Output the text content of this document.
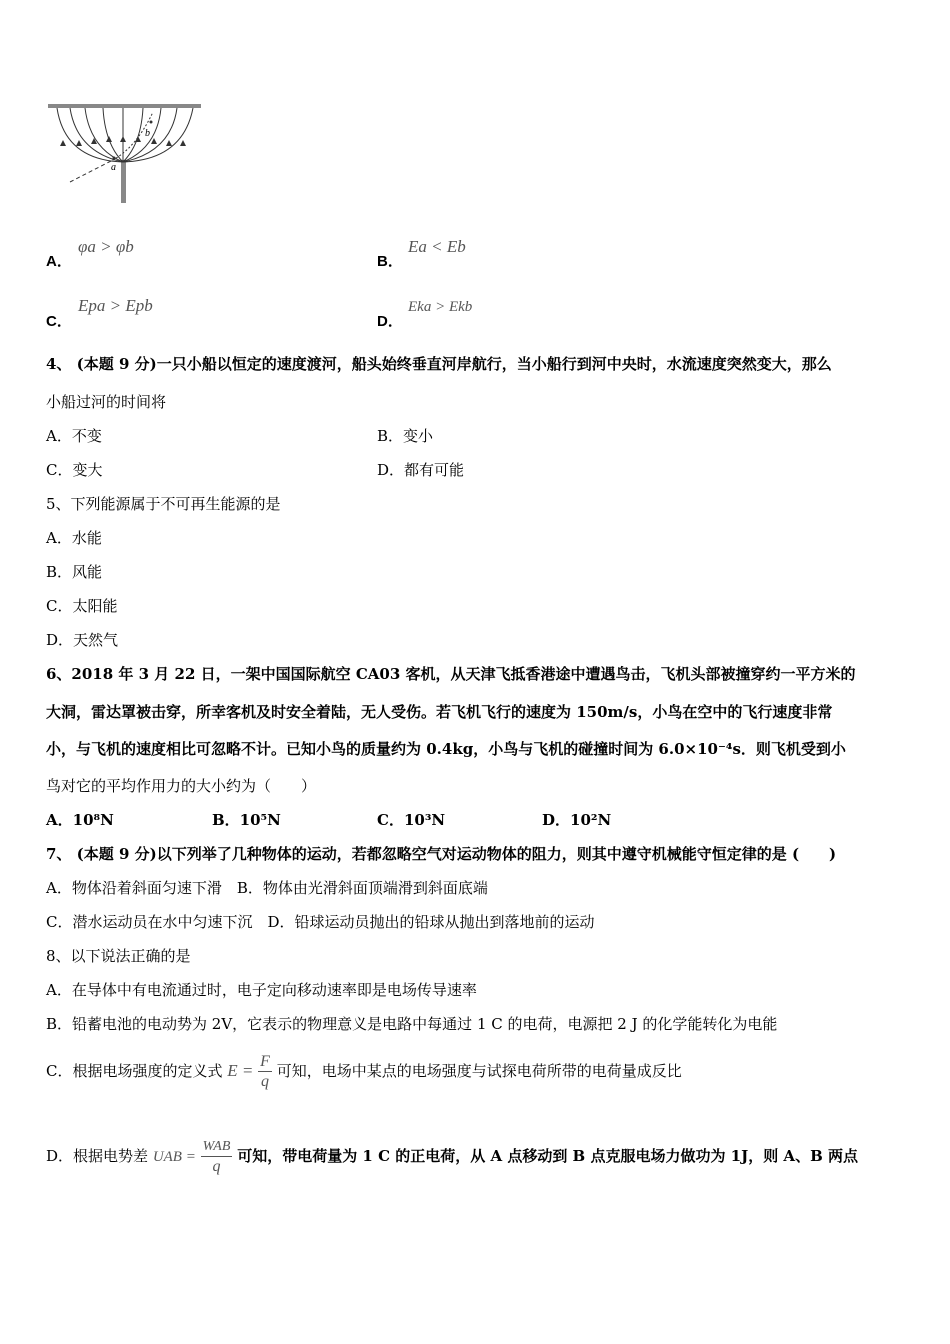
b
a
A．
φa > φb
B．
Ea < Eb
C．
Epa > Epb
D．
Eka > Ekb
4、 (本题 9 分)一只小船以恒定的速度渡河，船头始终垂直河岸航行，当小船行到河中央时，水流速度突然变大，那么
小船过河的时间将
A．不变	B．变小
C．变大	D．都有可能
5、下列能源属于不可再生能源的是
A．水能
B．风能
C．太阳能
D．天然气
6、2018 年 3 月 22 日，一架中国国际航空 CA03 客机，从天津飞抵香港途中遭遇鸟击，飞机头部被撞穿约一平方米的
大洞，雷达罩被击穿，所幸客机及时安全着陆，无人受伤。若飞机飞行的速度为 150m/s，小鸟在空中的飞行速度非常
小，与飞机的速度相比可忽略不计。已知小鸟的质量约为 0.4kg，小鸟与飞机的碰撞时间为 6.0×10⁻⁴s．则飞机受到小
鸟对它的平均作用力的大小约为（　　）
A．10⁸N	B．10⁵N	C．10³N	D．10²N
7、 (本题 9 分)以下列举了几种物体的运动，若都忽略空气对运动物体的阻力，则其中遵守机械能守恒定律的是 (　　)
A．物体沿着斜面匀速下滑　B．物体由光滑斜面顶端滑到斜面底端
C．潜水运动员在水中匀速下沉　D．铅球运动员抛出的铅球从抛出到落地前的运动
8、以下说法正确的是
A．在导体中有电流通过时，电子定向移动速率即是电场传导速率
B．铅蓄电池的电动势为 2V，它表示的物理意义是电路中每通过 1 C 的电荷，电源把 2 J 的化学能转化为电能
C．根据电场强度的定义式 $E = \frac{F}{q}$ 可知，电场中某点的电场强度与试探电荷所带的电荷量成反比
D．根据电势差 UAB = $\frac{\text{WAB}}{q}$ 可知，带电荷量为 1 C 的正电荷，从 A 点移动到 B 点克服电场力做功为 1J，则 A、B 两点
